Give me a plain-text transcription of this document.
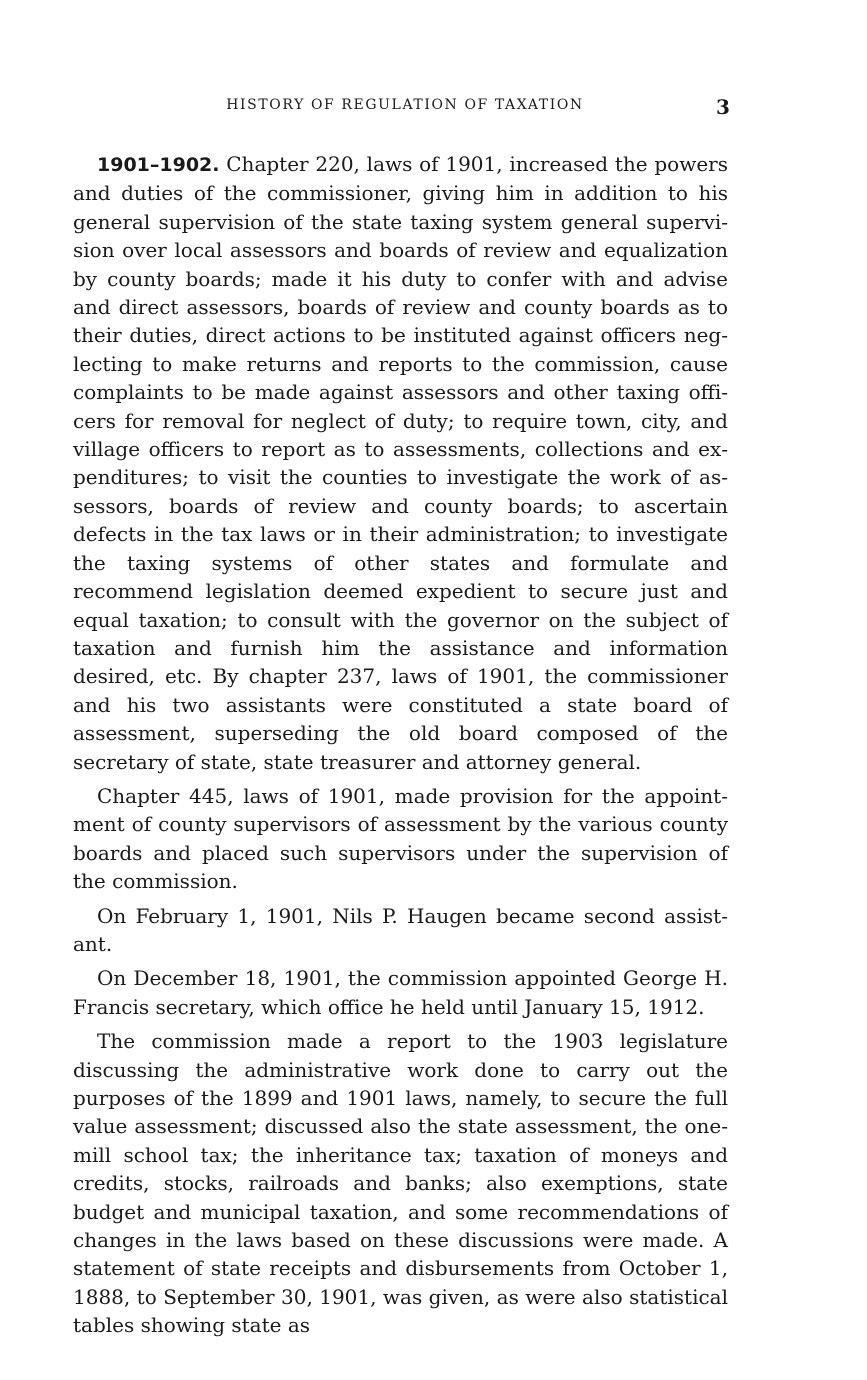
HISTORY OF REGULATION OF TAXATION	3

1901–1902. Chapter 220, laws of 1901, increased the powers and duties of the commissioner, giving him in addition to his general supervision of the state taxing system general supervision over local assessors and boards of review and equalization by county boards; made it his duty to confer with and advise and direct assessors, boards of review and county boards as to their duties, direct actions to be instituted against officers neglecting to make returns and reports to the commission, cause complaints to be made against assessors and other taxing officers for removal for neglect of duty; to require town, city, and village officers to report as to assessments, collections and expenditures; to visit the counties to investigate the work of assessors, boards of review and county boards; to ascertain defects in the tax laws or in their administration; to investigate the taxing systems of other states and formulate and recommend legislation deemed expedient to secure just and equal taxation; to consult with the governor on the subject of taxation and furnish him the assistance and information desired, etc. By chapter 237, laws of 1901, the commissioner and his two assistants were constituted a state board of assessment, superseding the old board composed of the secretary of state, state treasurer and attorney general.

Chapter 445, laws of 1901, made provision for the appointment of county supervisors of assessment by the various county boards and placed such supervisors under the supervision of the commission.

On February 1, 1901, Nils P. Haugen became second assistant.

On December 18, 1901, the commission appointed George H. Francis secretary, which office he held until January 15, 1912.

The commission made a report to the 1903 legislature discussing the administrative work done to carry out the purposes of the 1899 and 1901 laws, namely, to secure the full value assessment; discussed also the state assessment, the one-mill school tax; the inheritance tax; taxation of moneys and credits, stocks, railroads and banks; also exemptions, state budget and municipal taxation, and some recommendations of changes in the laws based on these discussions were made. A statement of state receipts and disbursements from October 1, 1888, to September 30, 1901, was given, as were also statistical tables showing state as
